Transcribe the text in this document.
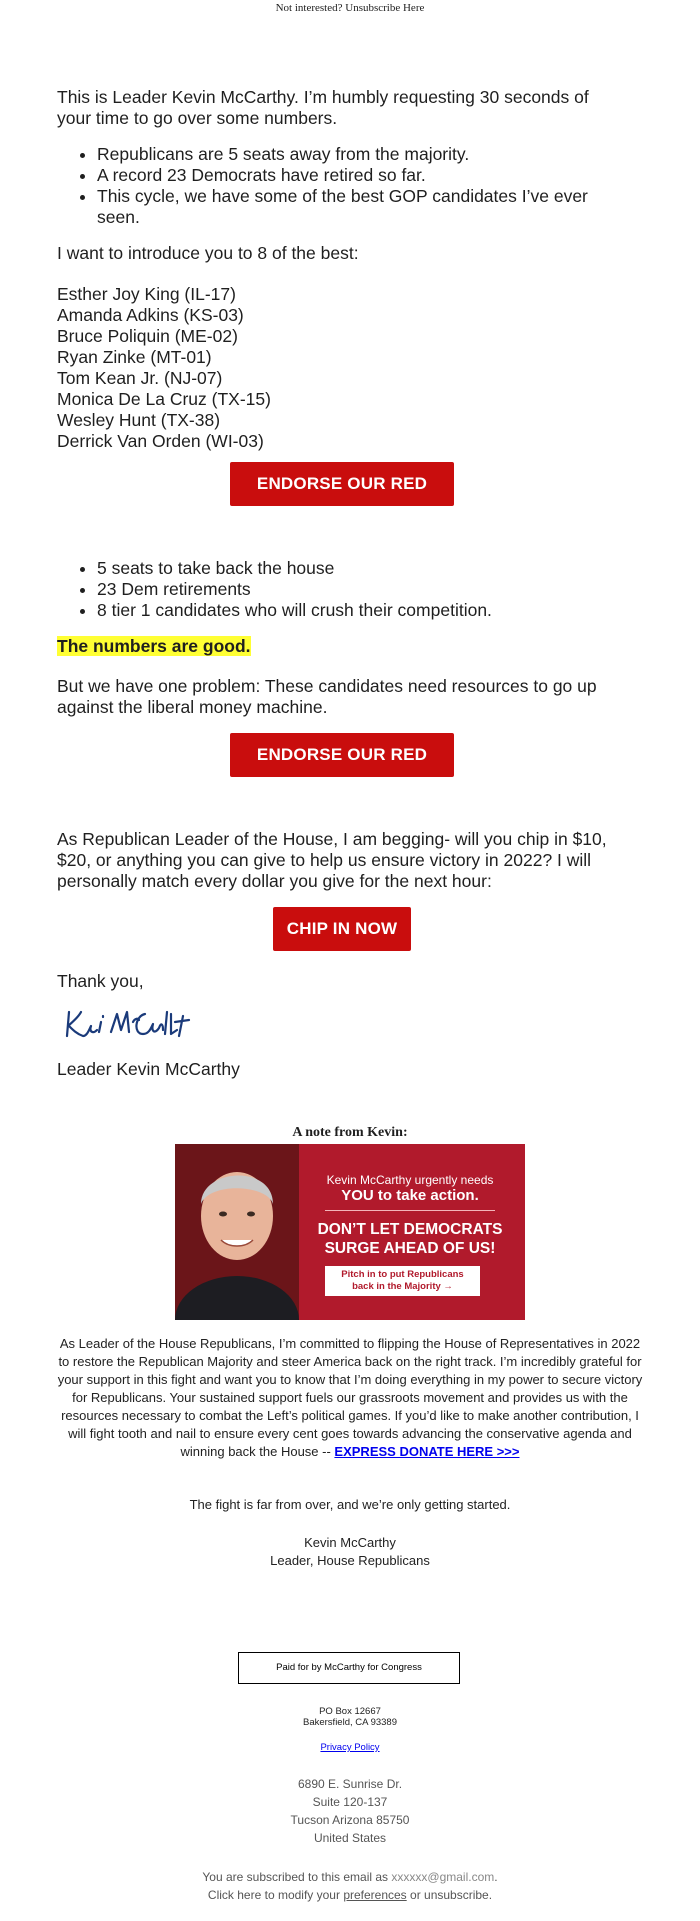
Not interested? Unsubscribe Here

This is Leader Kevin McCarthy. I’m humbly requesting 30 seconds of your time to go over some numbers.

• Republicans are 5 seats away from the majority.
• A record 23 Democrats have retired so far.
• This cycle, we have some of the best GOP candidates I’ve ever seen.

I want to introduce you to 8 of the best:

Esther Joy King (IL-17)
Amanda Adkins (KS-03)
Bruce Poliquin (ME-02)
Ryan Zinke (MT-01)
Tom Kean Jr. (NJ-07)
Monica De La Cruz (TX-15)
Wesley Hunt (TX-38)
Derrick Van Orden (WI-03)
ENDORSE OUR RED WAVE
• 5 seats to take back the house
• 23 Dem retirements
• 8 tier 1 candidates who will crush their competition.

The numbers are good.

But we have one problem: These candidates need resources to go up against the liberal money machine.

ENDORSE OUR RED WAVE

As Republican Leader of the House, I am begging- will you chip in $10, $20, or anything you can give to help us ensure victory in 2022? I will personally match every dollar you give for the next hour:

CHIP IN NOW

Thank you,

Leader Kevin McCarthy

A note from Kevin:
Kevin McCarthy urgently needs
YOU to take action.
DON’T LET DEMOCRATS
SURGE AHEAD OF US!
Pitch in to put Republicans
back in the Majority →
As Leader of the House Republicans, I’m committed to flipping the House of Representatives in 2022 to restore the Republican Majority and steer America back on the right track. I’m incredibly grateful for your support in this fight and want you to know that I’m doing everything in my power to secure victory for Republicans. Your sustained support fuels our grassroots movement and provides us with the resources necessary to combat the Left’s political games. If you’d like to make another contribution, I will fight tooth and nail to ensure every cent goes towards advancing the conservative agenda and winning back the House -- EXPRESS DONATE HERE >>>
The fight is far from over, and we’re only getting started.
Kevin McCarthy
Leader, House Republicans
Paid for by McCarthy for Congress
PO Box 12667
Bakersfield, CA 93389
Privacy Policy
6890 E. Sunrise Dr.
Suite 120-137
Tucson Arizona 85750
United States
You are subscribed to this email as xxxxxx@gmail.com.
Click here to modify your preferences or unsubscribe.
